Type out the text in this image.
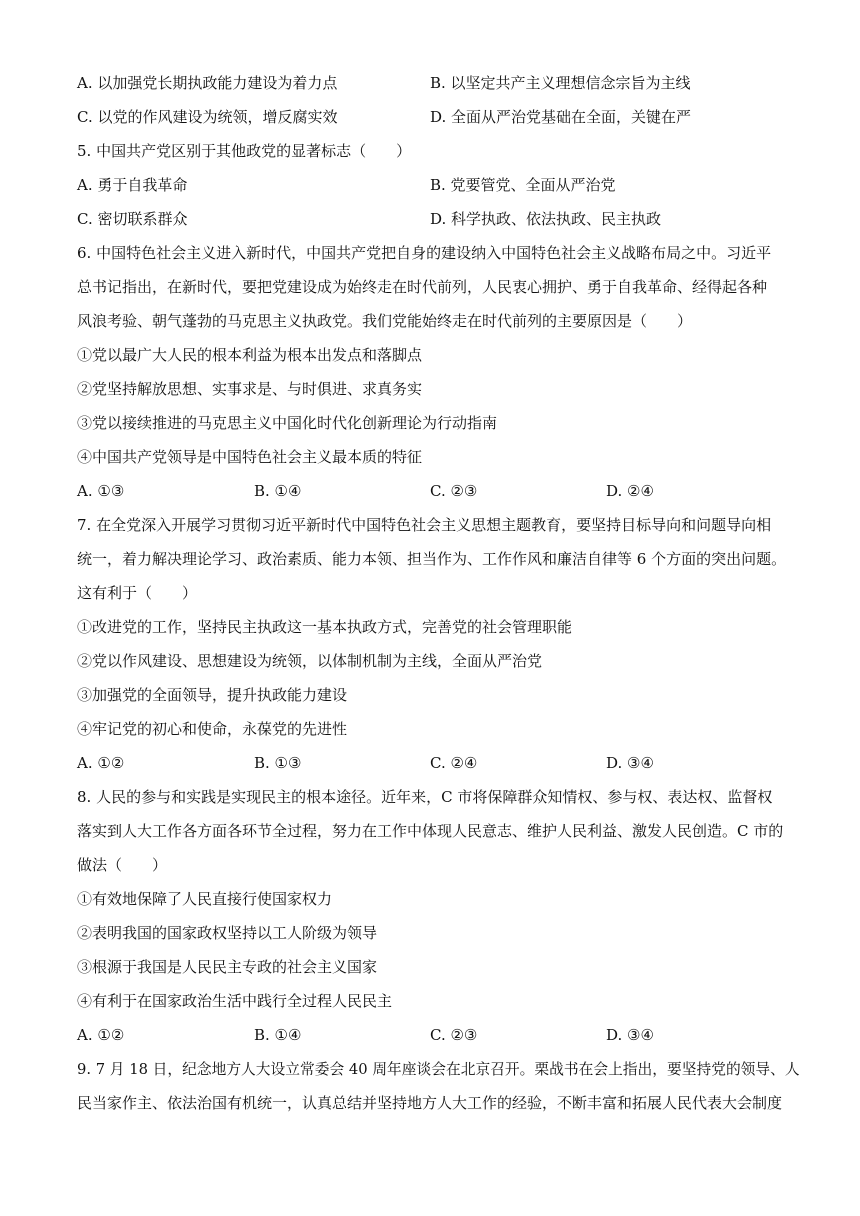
A. 以加强党长期执政能力建设为着力点	B. 以坚定共产主义理想信念宗旨为主线
C. 以党的作风建设为统领，增反腐实效	D. 全面从严治党基础在全面，关键在严
5. 中国共产党区别于其他政党的显著标志（　　）
A. 勇于自我革命	B. 党要管党、全面从严治党
C. 密切联系群众	D. 科学执政、依法执政、民主执政
6. 中国特色社会主义进入新时代，中国共产党把自身的建设纳入中国特色社会主义战略布局之中。习近平
总书记指出，在新时代，要把党建设成为始终走在时代前列，人民衷心拥护、勇于自我革命、经得起各种
风浪考验、朝气蓬勃的马克思主义执政党。我们党能始终走在时代前列的主要原因是（　　）
①党以最广大人民的根本利益为根本出发点和落脚点
②党坚持解放思想、实事求是、与时俱进、求真务实
③党以接续推进的马克思主义中国化时代化创新理论为行动指南
④中国共产党领导是中国特色社会主义最本质的特征
A. ①③	B. ①④	C. ②③	D. ②④
7. 在全党深入开展学习贯彻习近平新时代中国特色社会主义思想主题教育，要坚持目标导向和问题导向相
统一，着力解决理论学习、政治素质、能力本领、担当作为、工作作风和廉洁自律等 6 个方面的突出问题。
这有利于（　　）
①改进党的工作，坚持民主执政这一基本执政方式，完善党的社会管理职能
②党以作风建设、思想建设为统领，以体制机制为主线，全面从严治党
③加强党的全面领导，提升执政能力建设
④牢记党的初心和使命，永葆党的先进性
A. ①②	B. ①③	C. ②④	D. ③④
8. 人民的参与和实践是实现民主的根本途径。近年来，C 市将保障群众知情权、参与权、表达权、监督权
落实到人大工作各方面各环节全过程，努力在工作中体现人民意志、维护人民利益、激发人民创造。C 市的
做法（　　）
①有效地保障了人民直接行使国家权力
②表明我国的国家政权坚持以工人阶级为领导
③根源于我国是人民民主专政的社会主义国家
④有利于在国家政治生活中践行全过程人民民主
A. ①②	B. ①④	C. ②③	D. ③④
9. 7 月 18 日，纪念地方人大设立常委会 40 周年座谈会在北京召开。栗战书在会上指出，要坚持党的领导、人
民当家作主、依法治国有机统一，认真总结并坚持地方人大工作的经验，不断丰富和拓展人民代表大会制度
